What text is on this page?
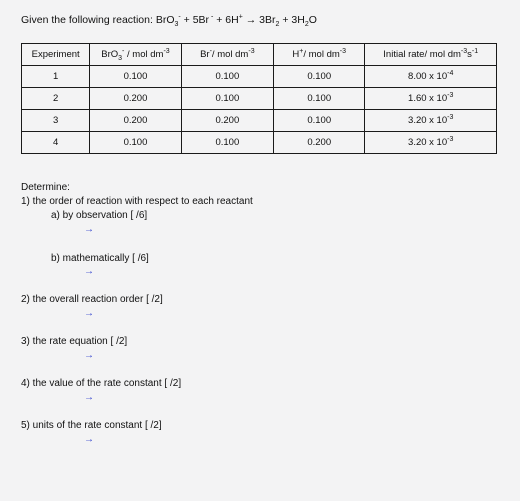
Given the following reaction: BrO$_3$- + 5Br $^- + 6H^+ \to 3Br_2 + 3H_2O$
Experiment	BrO$_3$- / mol $dm^{-3}$	Br-/ mol $dm^{-3}$	H+/ mol $dm^{-3}$	Initial rate/ mol $dm^{-3}s^{-1}$
1	0.100	0.100	0.100	8.00 x $10^{-4}$
2	0.200	0.100	0.100	1.60 x $10^{-3}$
3	0.200	0.200	0.100	3.20 x $10^{-3}$
4	0.100	0.100	0.200	3.20 x $10^{-3}$
Determine:
1) the order of reaction with respect to each reactant
a) by observation [ /6]
→
b) mathematically [ /6]
→
2) the overall reaction order [ /2]
→
3) the rate equation [ /2]
→
4) the value of the rate constant [ /2]
→
5) units of the rate constant [ /2]
→
